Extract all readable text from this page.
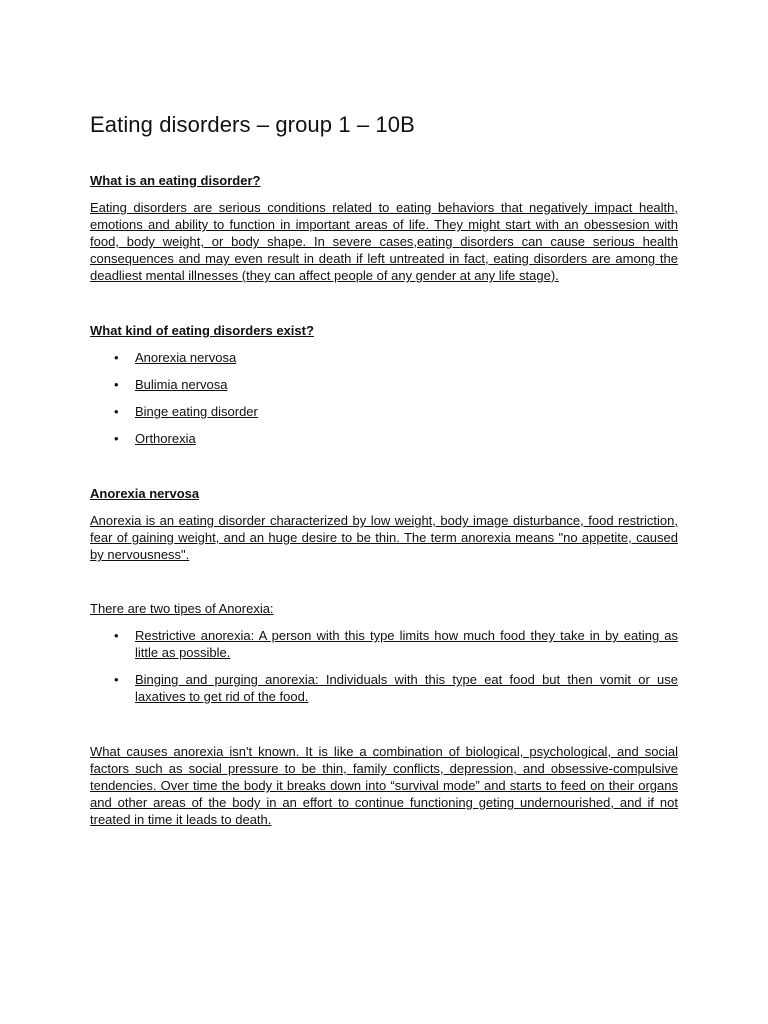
Eating disorders – group 1 – 10B
What is an eating disorder?

Eating disorders are serious conditions related to eating behaviors that negatively impact health, emotions and ability to function in important areas of life. They might start with an obessesion with food, body weight, or body shape. In severe cases,eating disorders can cause serious health consequences and may even result in death if left untreated in fact, eating disorders are among the deadliest mental illnesses (they can affect people of any gender at any life stage).

What kind of eating disorders exist?
• Anorexia nervosa
• Bulimia nervosa
• Binge eating disorder
• Orthorexia
Anorexia nervosa

Anorexia is an eating disorder characterized by low weight, body image disturbance, food restriction, fear of gaining weight, and an huge desire to be thin. The term anorexia means "no appetite, caused by nervousness".

There are two tipes of Anorexia:

• Restrictive anorexia: A person with this type limits how much food they take in by eating as little as possible.
• Binging and purging anorexia: Individuals with this type eat food but then vomit or use laxatives to get rid of the food.

What causes anorexia isn't known. It is like a combination of biological, psychological, and social factors such as social pressure to be thin, family conflicts, depression, and obsessive-compulsive tendencies. Over time the body it breaks down into “survival mode” and starts to feed on their organs and other areas of the body in an effort to continue functioning geting undernourished, and if not treated in time it leads to death.
